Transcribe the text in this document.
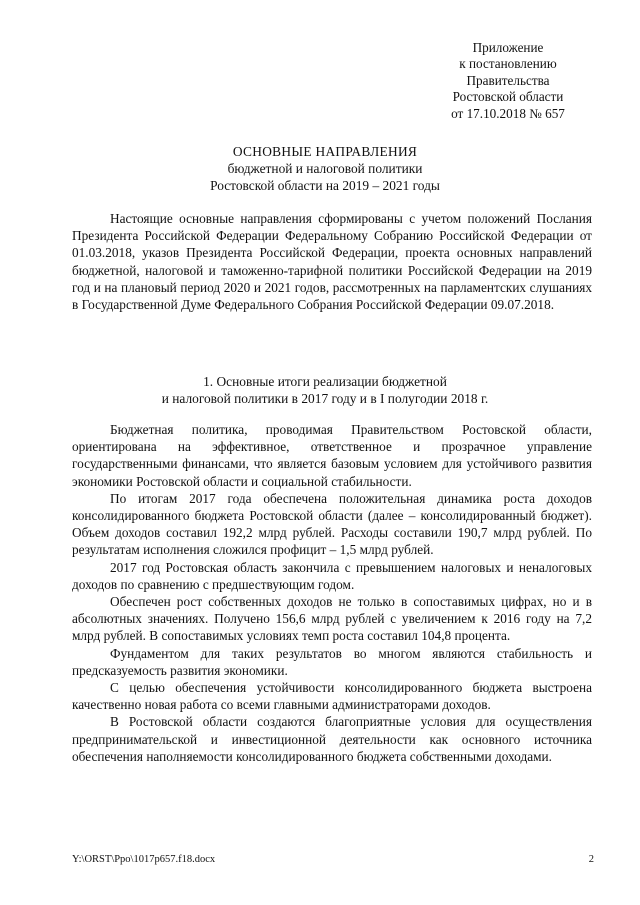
Приложение
к постановлению
Правительства
Ростовской области
от 17.10.2018 № 657
ОСНОВНЫЕ НАПРАВЛЕНИЯ
бюджетной и налоговой политики
Ростовской области на 2019 – 2021 годы

Настоящие основные направления сформированы с учетом положений Послания Президента Российской Федерации Федеральному Собранию Российской Федерации от 01.03.2018, указов Президента Российской Федерации, проекта основных направлений бюджетной, налоговой и таможенно-тарифной политики Российской Федерации на 2019 год и на плановый период 2020 и 2021 годов, рассмотренных на парламентских слушаниях в Государственной Думе Федерального Собрания Российской Федерации 09.07.2018.

1. Основные итоги реализации бюджетной
и налоговой политики в 2017 году и в I полугодии 2018 г.

Бюджетная политика, проводимая Правительством Ростовской области, ориентирована на эффективное, ответственное и прозрачное управление государственными финансами, что является базовым условием для устойчивого развития экономики Ростовской области и социальной стабильности.

По итогам 2017 года обеспечена положительная динамика роста доходов консолидированного бюджета Ростовской области (далее – консолидированный бюджет). Объем доходов составил 192,2 млрд рублей. Расходы составили 190,7 млрд рублей. По результатам исполнения сложился профицит – 1,5 млрд рублей.

2017 год Ростовская область закончила с превышением налоговых и неналоговых доходов по сравнению с предшествующим годом.

Обеспечен рост собственных доходов не только в сопоставимых цифрах, но и в абсолютных значениях. Получено 156,6 млрд рублей с увеличением к 2016 году на 7,2 млрд рублей. В сопоставимых условиях темп роста составил 104,8 процента.

Фундаментом для таких результатов во многом являются стабильность и предсказуемость развития экономики.

С целью обеспечения устойчивости консолидированного бюджета выстроена качественно новая работа со всеми главными администраторами доходов.

В Ростовской области создаются благоприятные условия для осуществления предпринимательской и инвестиционной деятельности как основного источника обеспечения наполняемости консолидированного бюджета собственными доходами.

Y:\ORST\Ppo\1017p657.f18.docx	2
